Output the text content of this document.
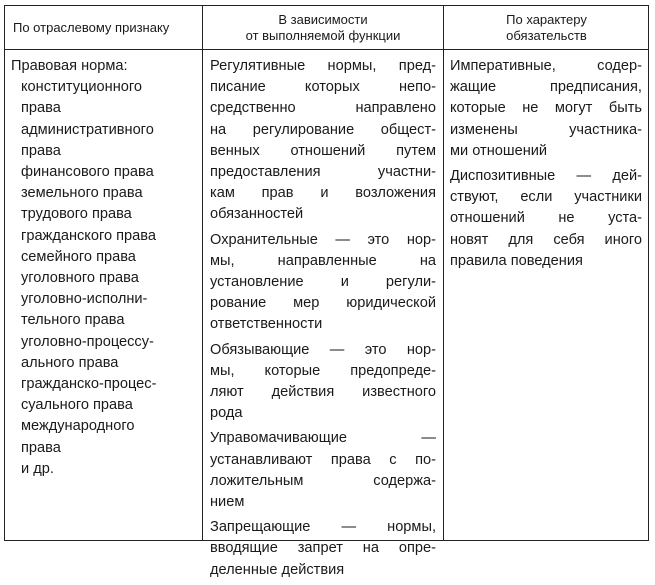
По отраслевому признаку
В зависимости
от выполняемой функции
По характеру
обязательств
Правовая норма:
конституционного
права
административного
права
финансового права
земельного права
трудового права
гражданского права
семейного права
уголовного права
уголовно-исполни-
тельного права
уголовно-процессу-
ального права
гражданско-процес-
суального права
международного
права
и др.

Регулятивные нормы, пред-
писание которых непо-
средственно направлено
на регулирование общест-
венных отношений путем
предоставления участни-
кам прав и возложения
обязанностей

Охранительные — это нор-
мы, направленные на
установление и регули-
рование мер юридической
ответственности

Обязывающие — это нор-
мы, которые предопреде-
ляют действия известного
рода

Управомачивающие —
устанавливают права с по-
ложительным содержа-
нием

Запрещающие — нормы,
вводящие запрет на опре-
деленные действия

Императивные, содер-
жащие предписания,
которые не могут быть
изменены участника-
ми отношений

Диспозитивные — дей-
ствуют, если участники
отношений не уста-
новят для себя иного
правила поведения
